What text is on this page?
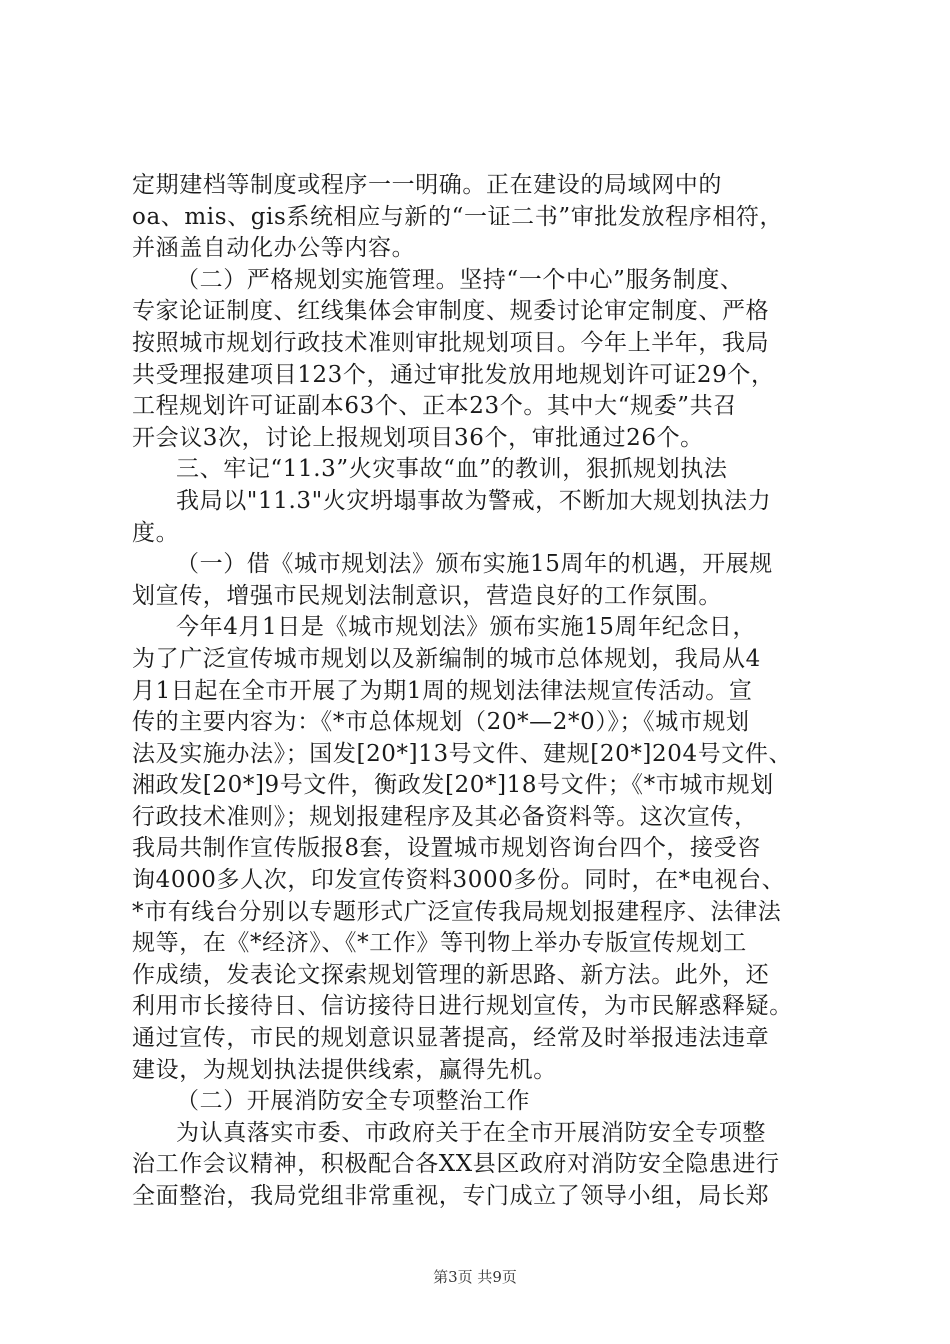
定期建档等制度或程序一一明确。正在建设的局域网中的
oa、mis、gis系统相应与新的“一证二书”审批发放程序相符，
并涵盖自动化办公等内容。
（二）严格规划实施管理。坚持“一个中心”服务制度、
专家论证制度、红线集体会审制度、规委讨论审定制度、严格
按照城市规划行政技术准则审批规划项目。今年上半年，我局
共受理报建项目123个，通过审批发放用地规划许可证29个，
工程规划许可证副本63个、正本23个。其中大“规委”共召
开会议3次，讨论上报规划项目36个，审批通过26个。
三、牢记“11.3”火灾事故“血”的教训，狠抓规划执法
我局以"11.3"火灾坍塌事故为警戒，不断加大规划执法力
度。
（一）借《城市规划法》颁布实施15周年的机遇，开展规
划宣传，增强市民规划法制意识，营造良好的工作氛围。
今年4月1日是《城市规划法》颁布实施15周年纪念日，
为了广泛宣传城市规划以及新编制的城市总体规划，我局从4
月1日起在全市开展了为期1周的规划法律法规宣传活动。宣
传的主要内容为：《*市总体规划（20*—2*0）》；《城市规划
法及实施办法》；国发[20*]13号文件、建规[20*]204号文件、
湘政发[20*]9号文件，衡政发[20*]18号文件；《*市城市规划
行政技术准则》；规划报建程序及其必备资料等。这次宣传，
我局共制作宣传版报8套，设置城市规划咨询台四个，接受咨
询4000多人次，印发宣传资料3000多份。同时，在*电视台、
*市有线台分别以专题形式广泛宣传我局规划报建程序、法律法
规等，在《*经济》、《*工作》等刊物上举办专版宣传规划工
作成绩，发表论文探索规划管理的新思路、新方法。此外，还
利用市长接待日、信访接待日进行规划宣传，为市民解惑释疑。
通过宣传，市民的规划意识显著提高，经常及时举报违法违章
建设，为规划执法提供线索，赢得先机。
（二）开展消防安全专项整治工作
为认真落实市委、市政府关于在全市开展消防安全专项整
治工作会议精神，积极配合各XX县区政府对消防安全隐患进行
全面整治，我局党组非常重视，专门成立了领导小组，局长郑
第3页 共9页
